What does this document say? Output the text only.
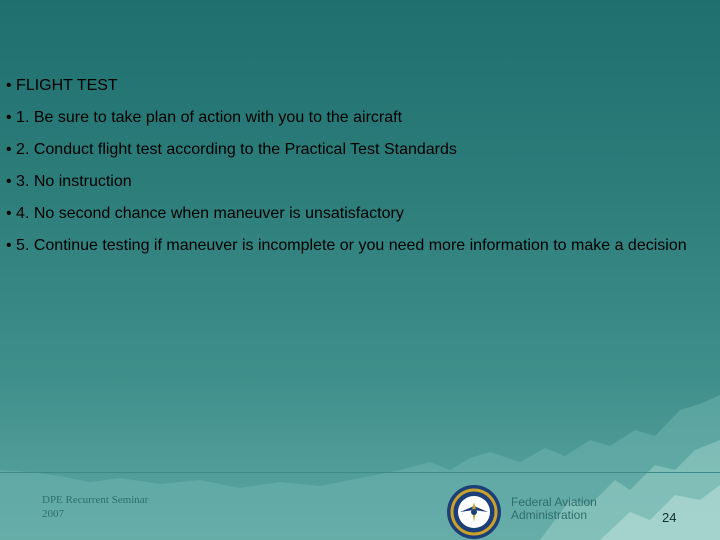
• FLIGHT TEST
• 1. Be sure to take plan of action with you to the aircraft
• 2. Conduct flight test according to the Practical Test Standards
• 3. No instruction
• 4. No second chance when maneuver is unsatisfactory
• 5. Continue testing if maneuver is incomplete or you need more information to make a decision
DPE Recurrent Seminar
2007
Federal Aviation
Administration	24
